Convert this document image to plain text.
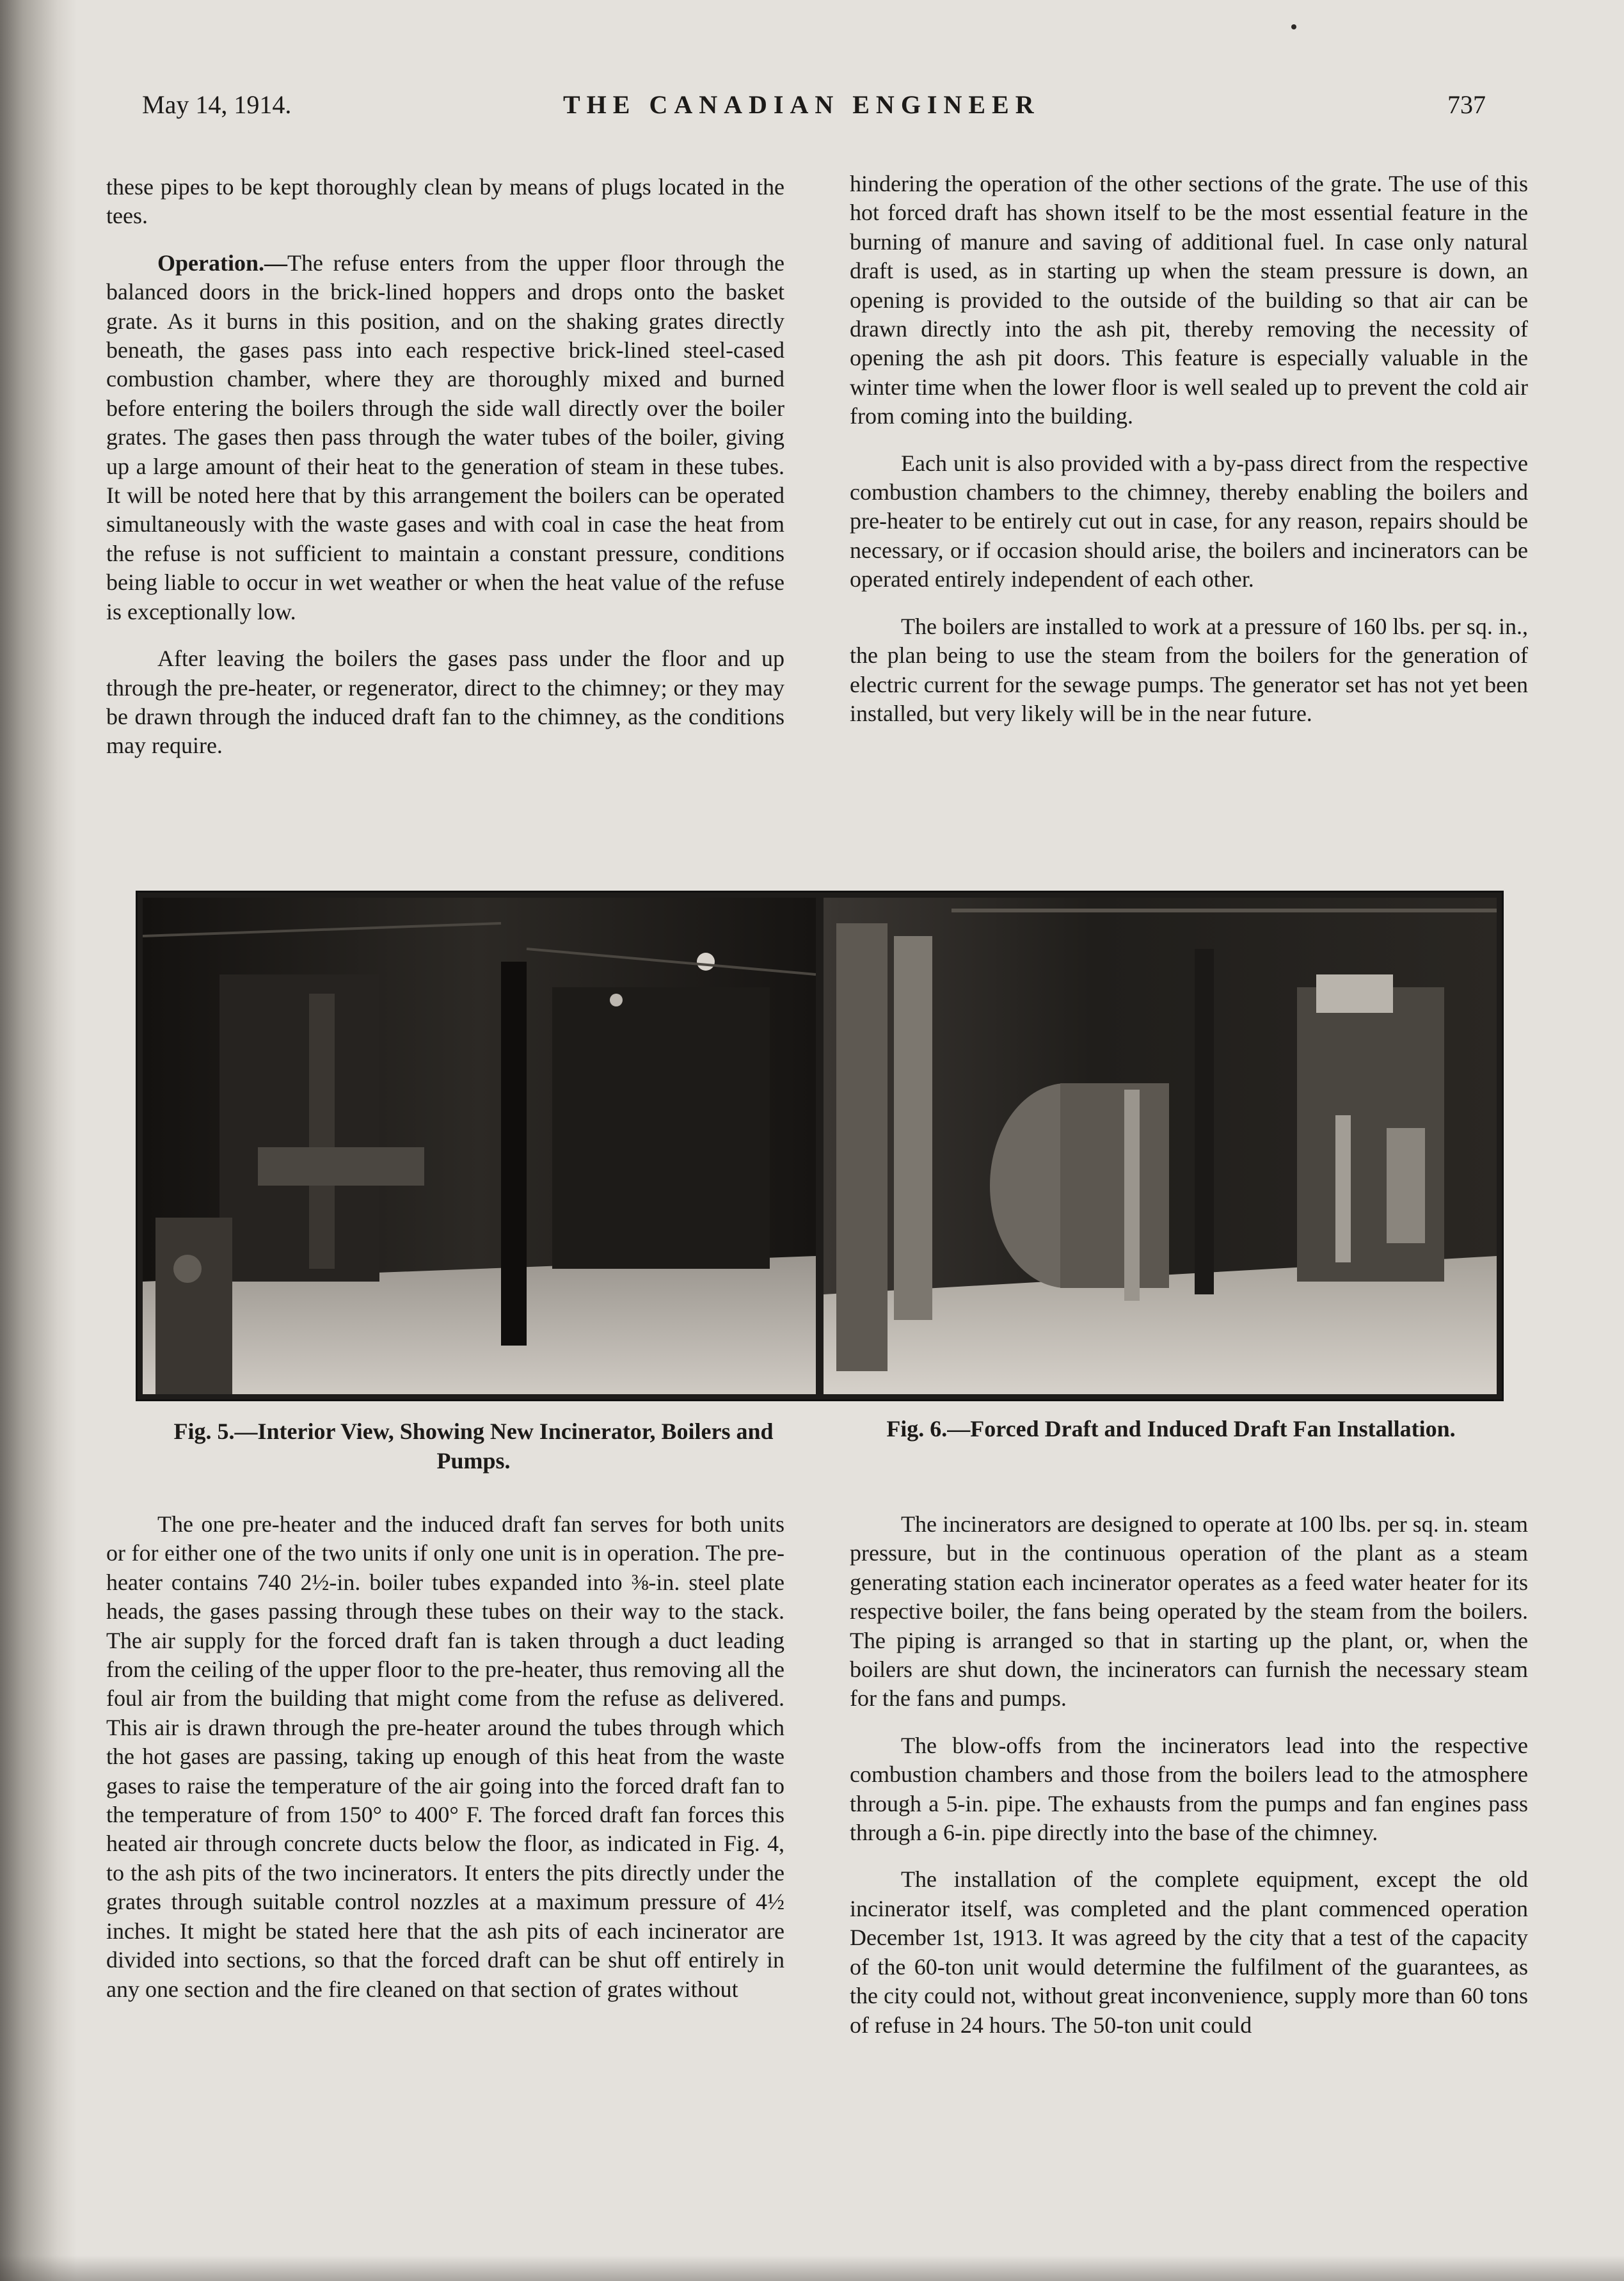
May 14, 1914.	THE CANADIAN ENGINEER	737

these pipes to be kept thoroughly clean by means of plugs located in the tees.

Operation.—The refuse enters from the upper floor through the balanced doors in the brick-lined hoppers and drops onto the basket grate. As it burns in this position, and on the shaking grates directly beneath, the gases pass into each respective brick-lined steel-cased combustion chamber, where they are thoroughly mixed and burned before entering the boilers through the side wall directly over the boiler grates. The gases then pass through the water tubes of the boiler, giving up a large amount of their heat to the generation of steam in these tubes. It will be noted here that by this arrangement the boilers can be operated simultaneously with the waste gases and with coal in case the heat from the refuse is not sufficient to maintain a constant pressure, conditions being liable to occur in wet weather or when the heat value of the refuse is exceptionally low.

After leaving the boilers the gases pass under the floor and up through the pre-heater, or regenerator, direct to the chimney; or they may be drawn through the induced draft fan to the chimney, as the conditions may require.

hindering the operation of the other sections of the grate. The use of this hot forced draft has shown itself to be the most essential feature in the burning of manure and saving of additional fuel. In case only natural draft is used, as in starting up when the steam pressure is down, an opening is provided to the outside of the building so that air can be drawn directly into the ash pit, thereby removing the necessity of opening the ash pit doors. This feature is especially valuable in the winter time when the lower floor is well sealed up to prevent the cold air from coming into the building.

Each unit is also provided with a by-pass direct from the respective combustion chambers to the chimney, thereby enabling the boilers and pre-heater to be entirely cut out in case, for any reason, repairs should be necessary, or if occasion should arise, the boilers and incinerators can be operated entirely independent of each other.

The boilers are installed to work at a pressure of 160 lbs. per sq. in., the plan being to use the steam from the boilers for the generation of electric current for the sewage pumps. The generator set has not yet been installed, but very likely will be in the near future.

Fig. 5.—Interior View, Showing New Incinerator, Boilers and Pumps.
Fig. 6.—Forced Draft and Induced Draft Fan Installation.

The one pre-heater and the induced draft fan serves for both units or for either one of the two units if only one unit is in operation. The pre-heater contains 740 2½-in. boiler tubes expanded into ⅜-in. steel plate heads, the gases passing through these tubes on their way to the stack. The air supply for the forced draft fan is taken through a duct leading from the ceiling of the upper floor to the pre-heater, thus removing all the foul air from the building that might come from the refuse as delivered. This air is drawn through the pre-heater around the tubes through which the hot gases are passing, taking up enough of this heat from the waste gases to raise the temperature of the air going into the forced draft fan to the temperature of from 150° to 400° F. The forced draft fan forces this heated air through concrete ducts below the floor, as indicated in Fig. 4, to the ash pits of the two incinerators. It enters the pits directly under the grates through suitable control nozzles at a maximum pressure of 4½ inches. It might be stated here that the ash pits of each incinerator are divided into sections, so that the forced draft can be shut off entirely in any one section and the fire cleaned on that section of grates without

The incinerators are designed to operate at 100 lbs. per sq. in. steam pressure, but in the continuous operation of the plant as a steam generating station each incinerator operates as a feed water heater for its respective boiler, the fans being operated by the steam from the boilers. The piping is arranged so that in starting up the plant, or, when the boilers are shut down, the incinerators can furnish the necessary steam for the fans and pumps.

The blow-offs from the incinerators lead into the respective combustion chambers and those from the boilers lead to the atmosphere through a 5-in. pipe. The exhausts from the pumps and fan engines pass through a 6-in. pipe directly into the base of the chimney.

The installation of the complete equipment, except the old incinerator itself, was completed and the plant commenced operation December 1st, 1913. It was agreed by the city that a test of the capacity of the 60-ton unit would determine the fulfilment of the guarantees, as the city could not, without great inconvenience, supply more than 60 tons of refuse in 24 hours. The 50-ton unit could
